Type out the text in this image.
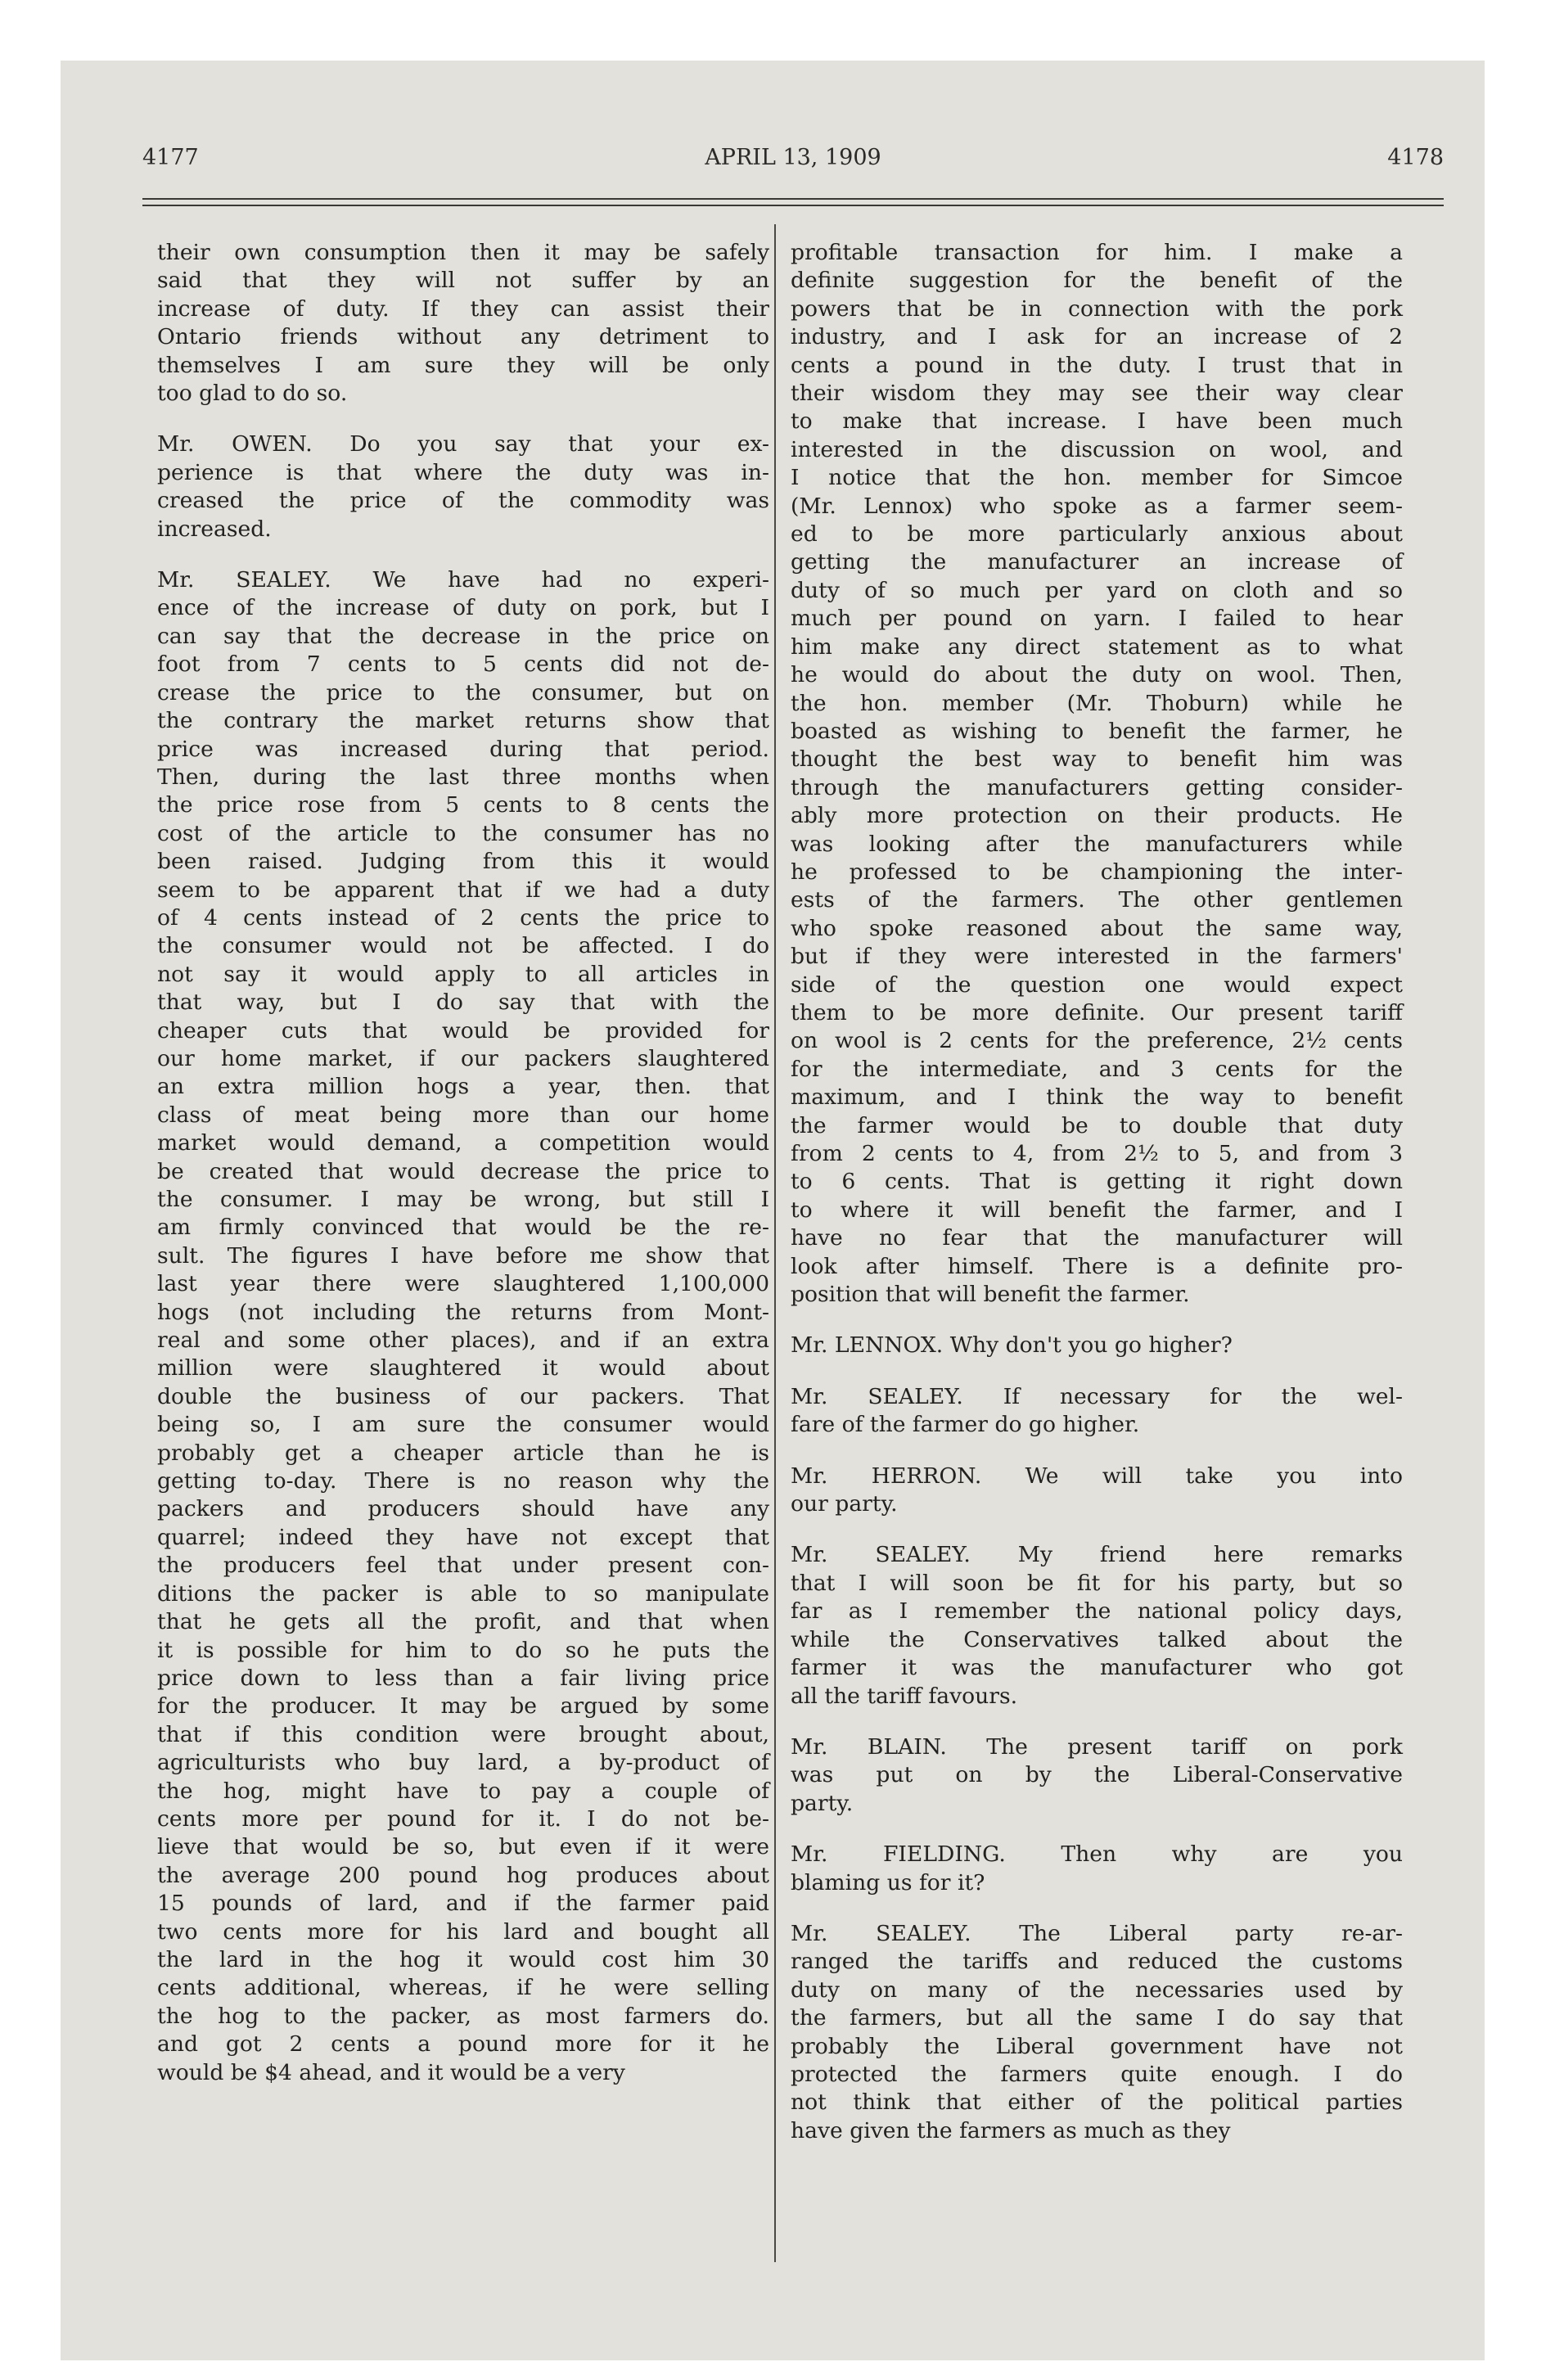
4177	APRIL 13, 1909	4178

their own consumption then it may be safely
said that they will not suffer by an
increase of duty. If they can assist their
Ontario friends without any detriment to
themselves I am sure they will be only
too glad to do so.

Mr. OWEN. Do you say that your ex-
perience is that where the duty was in-
creased the price of the commodity was
increased.

Mr. SEALEY. We have had no experi-
ence of the increase of duty on pork, but I
can say that the decrease in the price on
foot from 7 cents to 5 cents did not de-
crease the price to the consumer, but on
the contrary the market returns show that
price was increased during that period.
Then, during the last three months when
the price rose from 5 cents to 8 cents the
cost of the article to the consumer has no
been raised. Judging from this it would
seem to be apparent that if we had a duty
of 4 cents instead of 2 cents the price to
the consumer would not be affected. I do
not say it would apply to all articles in
that way, but I do say that with the
cheaper cuts that would be provided for
our home market, if our packers slaughtered
an extra million hogs a year, then. that
class of meat being more than our home
market would demand, a competition would
be created that would decrease the price to
the consumer. I may be wrong, but still I
am firmly convinced that would be the re-
sult. The figures I have before me show that
last year there were slaughtered 1,100,000
hogs (not including the returns from Mont-
real and some other places), and if an extra
million were slaughtered it would about
double the business of our packers. That
being so, I am sure the consumer would
probably get a cheaper article than he is
getting to-day. There is no reason why the
packers and producers should have any
quarrel; indeed they have not except that
the producers feel that under present con-
ditions the packer is able to so manipulate
that he gets all the profit, and that when
it is possible for him to do so he puts the
price down to less than a fair living price
for the producer. It may be argued by some
that if this condition were brought about,
agriculturists who buy lard, a by-product of
the hog, might have to pay a couple of
cents more per pound for it. I do not be-
lieve that would be so, but even if it were
the average 200 pound hog produces about
15 pounds of lard, and if the farmer paid
two cents more for his lard and bought all
the lard in the hog it would cost him 30
cents additional, whereas, if he were selling
the hog to the packer, as most farmers do.
and got 2 cents a pound more for it he
would be $4 ahead, and it would be a very

profitable transaction for him. I make a
definite suggestion for the benefit of the
powers that be in connection with the pork
industry, and I ask for an increase of 2
cents a pound in the duty. I trust that in
their wisdom they may see their way clear
to make that increase. I have been much
interested in the discussion on wool, and
I notice that the hon. member for Simcoe
(Mr. Lennox) who spoke as a farmer seem-
ed to be more particularly anxious about
getting the manufacturer an increase of
duty of so much per yard on cloth and so
much per pound on yarn. I failed to hear
him make any direct statement as to what
he would do about the duty on wool. Then,
the hon. member (Mr. Thoburn) while he
boasted as wishing to benefit the farmer, he
thought the best way to benefit him was
through the manufacturers getting consider-
ably more protection on their products. He
was looking after the manufacturers while
he professed to be championing the inter-
ests of the farmers. The other gentlemen
who spoke reasoned about the same way,
but if they were interested in the farmers'
side of the question one would expect
them to be more definite. Our present tariff
on wool is 2 cents for the preference, 2½ cents
for the intermediate, and 3 cents for the
maximum, and I think the way to benefit
the farmer would be to double that duty
from 2 cents to 4, from 2½ to 5, and from 3
to 6 cents. That is getting it right down
to where it will benefit the farmer, and I
have no fear that the manufacturer will
look after himself. There is a definite pro-
position that will benefit the farmer.

Mr. LENNOX. Why don't you go higher?

Mr. SEALEY. If necessary for the wel-
fare of the farmer do go higher.

Mr. HERRON. We will take you into
our party.

Mr. SEALEY. My friend here remarks
that I will soon be fit for his party, but so
far as I remember the national policy days,
while the Conservatives talked about the
farmer it was the manufacturer who got
all the tariff favours.

Mr. BLAIN. The present tariff on pork
was put on by the Liberal-Conservative
party.

Mr. FIELDING. Then why are you
blaming us for it?

Mr. SEALEY. The Liberal party re-ar-
ranged the tariffs and reduced the customs
duty on many of the necessaries used by
the farmers, but all the same I do say that
probably the Liberal government have not
protected the farmers quite enough. I do
not think that either of the political parties
have given the farmers as much as they
